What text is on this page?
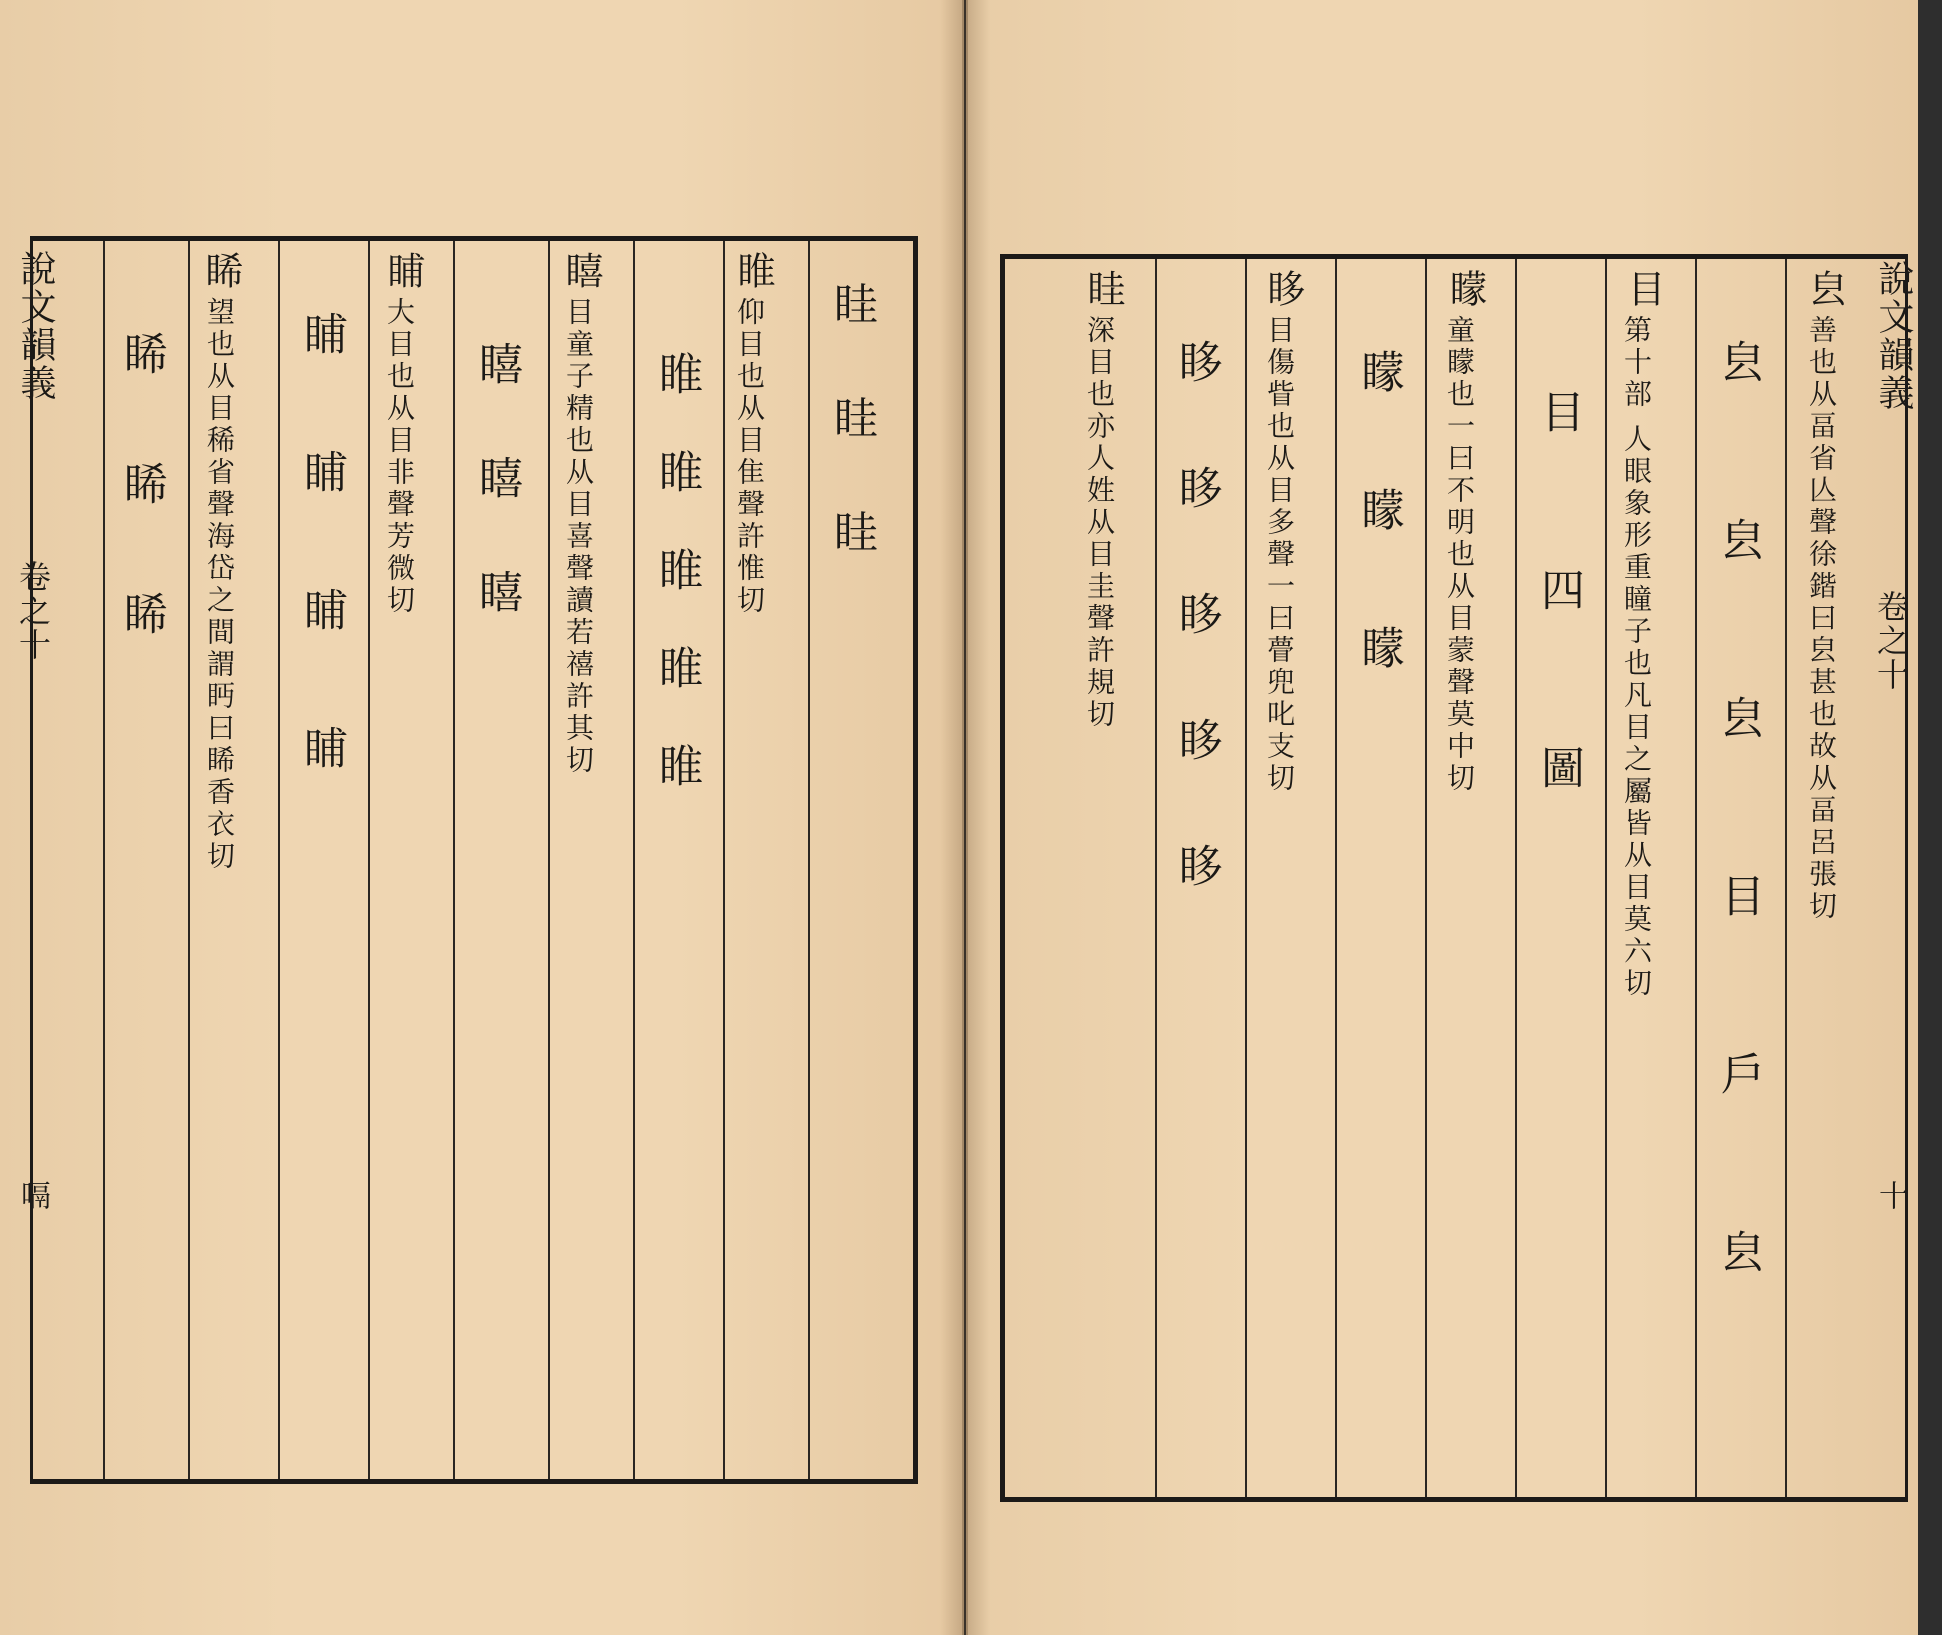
說文韻義
卷之十
嗝
眭 眭 眭
睢
仰目也从目隹聲許惟切
睢 睢 睢 睢 睢
瞦
目童子精也从目喜聲讀若禧許其切
瞦 瞦 瞦
䀯
大目也从目非聲芳微切
䀯 䀯 䀯 䀯
睎
望也从目稀省聲海岱之間謂眄曰睎香衣切
睎 睎 睎	說文韻義
卷之十
十
㿝
善也从畐省亾聲徐鍇曰㿝甚也故从畐呂張切
㿝 㿝 㿝 目 戶 㿝
目
第十部 人眼象形重瞳子也凡目之屬皆从目莫六切
目 四 圖
矇
童矇也一曰不明也从目蒙聲莫中切
矇 矇 矇
眵
目傷眥也从目多聲一曰瞢兜叱支切
眵 眵 眵 眵 眵
眭
深目也亦人姓从目圭聲許規切
